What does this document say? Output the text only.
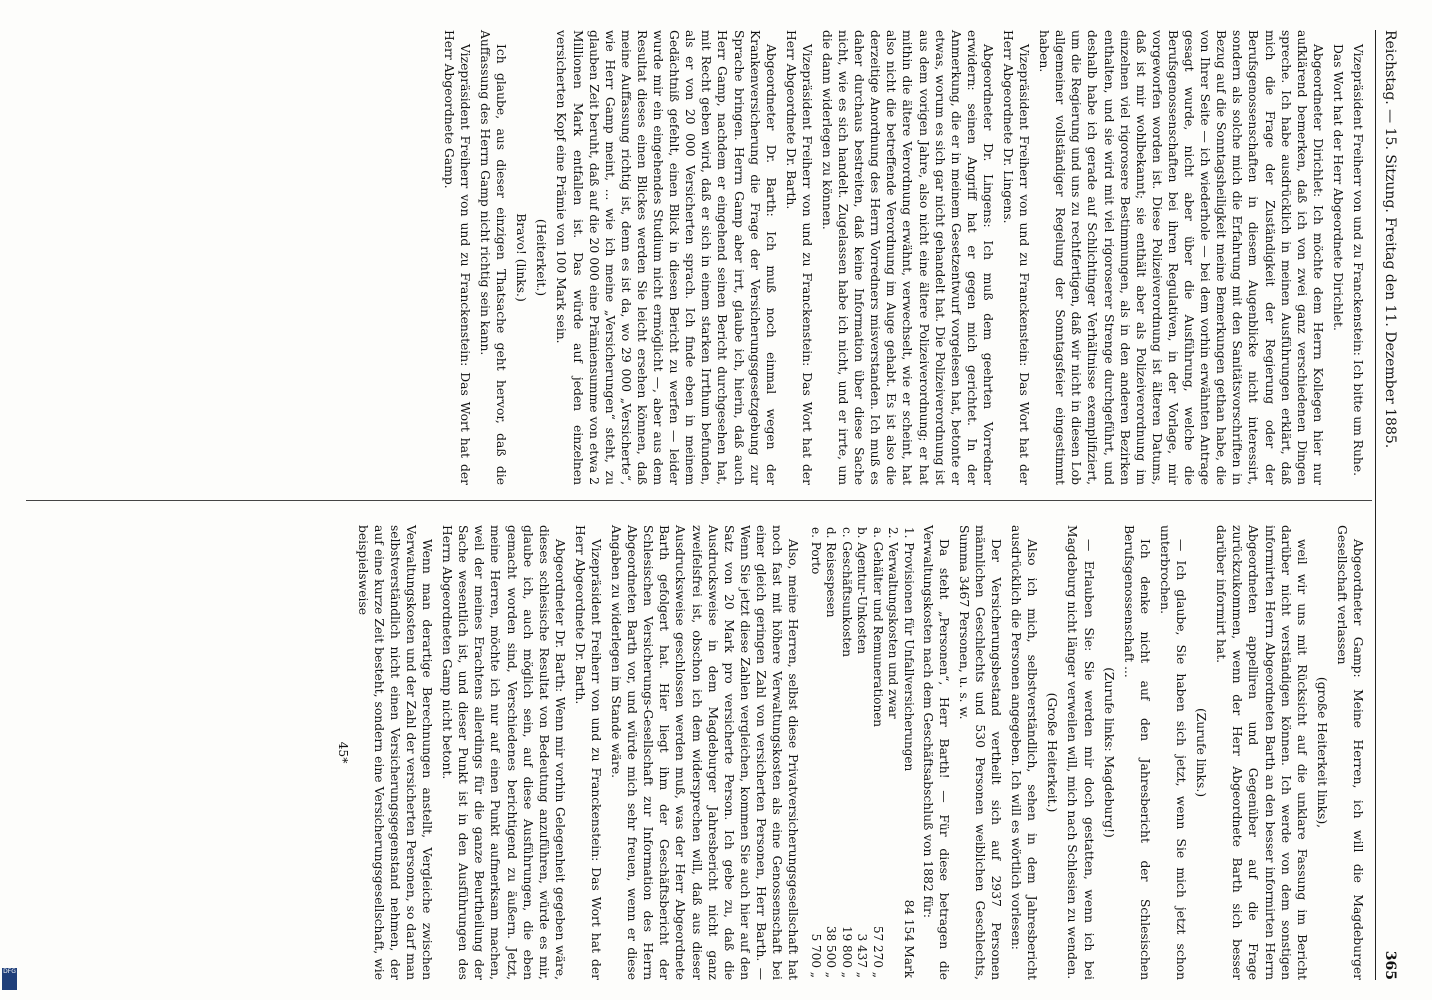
DFG
Reichstag. — 15. Sitzung. Freitag den 11. Dezember 1885.
365

Vizepräsident Freiherr von und zu Franckenstein: Ich bitte um Ruhe.

Das Wort hat der Herr Abgeordnete Dirichlet.

Abgeordneter Dirichlet: Ich möchte dem Herrn Kollegen hier nur aufklärend bemerken, daß ich von zwei ganz verschiedenen Dingen spreche. Ich habe ausdrücklich in meinen Ausführungen erklärt, daß mich die Frage der Zuständigkeit der Regierung oder der Berufsgenossenschaften in diesem Augenblicke nicht interessirt, sondern als solche mich die Erfahrung mit den Sanitätsvorschriften in Bezug auf die Sonntagsheiligkeit meine Bemerkungen gethan habe, die von Ihrer Seite — ich wiederhole — bei dem vorhin erwähnten Antrage gesagt wurde, nicht aber über die Ausführung, welche die Berufsgenossenschaften bei ihren Regulativen, in der Vorlage, mir vorgeworfen worden ist. Diese Polizeiverordnung ist älteren Datums, daß ist mir wohlbekannt; sie enthält aber als Polizeiverordnung im einzelnen viel rigorosere Bestimmungen, als in den anderen Bezirken enthalten, und sie wird mit viel rigoroserer Strenge durchgeführt, und deshalb habe ich gerade auf Schlichtinger Verhältnisse exemplifiziert, um die Regierung und uns zu rechtfertigen, daß wir nicht in diesen Lob allgemeiner vollständiger Regelung der Sonntagsfeier eingestimmt haben.

Vizepräsident Freiherr von und zu Franckenstein: Das Wort hat der Herr Abgeordnete Dr. Lingens.

Abgeordneter Dr. Lingens: Ich muß dem geehrten Vorredner erwidern: seinen Angriff hat er gegen mich gerichtet. In der Anmerkung, die er in meinem Gesetzentwurf vorgelesen hat, betonte er etwas, worum es sich gar nicht gehandelt hat. Die Polizeiverordnung ist aus dem vorigen Jahre, also nicht eine ältere Polizeiverordnung; er hat mithin die ältere Verordnung erwähnt, verwechselt, wie er scheint, hat also nicht die betreffende Verordnung im Auge gehabt. Es ist also die derzeitige Anordnung des Herrn Vorredners misverstanden. Ich muß es daher durchaus bestreiten, daß keine Information über diese Sache nicht, wie es sich handelt. Zugelassen habe ich nicht, und er irrte, um die dann widerlegen zu können.

Vizepräsident Freiherr von und zu Franckenstein: Das Wort hat der Herr Abgeordnete Dr. Barth.

Abgeordneter Dr. Barth: Ich muß noch einmal wegen der Krankenversicherung die Frage der Versicherungsgesetzgebung zur Sprache bringen. Herrn Gamp aber irrt, glaube ich, hierin, daß auch Herr Gamp, nachdem er eingehend seinen Bericht durchgesehen hat, mit Recht geben wird, daß er sich in einem starken Irrthum befunden, als er von 20 000 Versicherten sprach. Ich finde eben in meinem Gedächtniß gefehlt, einen Blick in diesen Bericht zu werfen — leider wurde mir ein eingehendes Studium nicht ermöglicht —, aber aus dem Resultat dieses einen Blickes werden Sie leicht ersehen können, daß meine Auffassung richtig ist, denn es ist da, wo 29 000 „Versicherte“, wie Herr Gamp meint, ... wie ich meine „Versicherungen“ steht, zu glauben Zeit beruht, daß auf die 20 000 eine Prämiensumme von etwa 2 Millionen Mark entfallen ist. Das würde auf jeden einzelnen versicherten Kopf eine Prämie von 100 Mark sein.

(Heiterkeit.)

Bravo! (links.)

Ich glaube, aus dieser einzigen Thatsache geht hervor, daß die Auffassung des Herrn Gamp nicht richtig sein kann.

Vizepräsident Freiherr von und zu Franckenstein: Das Wort hat der Herr Abgeordnete Gamp.

Abgeordneter Gamp: Meine Herren, ich will die Magdeburger Gesellschaft verlassen

(große Heiterkeit links),

weil wir uns mit Rücksicht auf die unklare Fassung im Bericht darüber nicht verständigen können. Ich werde von dem sonstigen informirten Herrn Abgeordneten Barth an den besser informirten Herrn Abgeordneten appelliren und Gegenüber auf die Frage zurückzukommen, wenn der Herr Abgeordnete Barth sich besser darüber informirt hat.

(Zurufe links.)

— Ich glaube, Sie haben sich jetzt, wenn Sie mich jetzt schon unterbrochen.

Ich denke nicht auf den Jahresbericht der Schlesischen Berufsgenossenschaft ...

(Zurufe links: Magdeburg!)

— Erlauben Sie: Sie werden mir doch gestatten, wenn ich bei Magdeburg nicht länger verweilen will, mich nach Schlesien zu wenden.

(Große Heiterkeit.)

Also ich mich, selbstverständlich, sehen in dem Jahresbericht ausdrücklich die Personen angegeben. Ich will es wörtlich vorlesen:

Der Versicherungsbestand vertheilt sich auf 2937 Personen männlichen Geschlechts und 530 Personen weiblichen Geschlechts, Summa 3467 Personen, u. s. w.

Da steht „Personen“, Herr Barth! — Für diese betragen die Verwaltungskosten nach dem Geschäftsabschluß von 1882 für:

1. Provisionen für Unfallversicherungen	84 154 Mark
2. Verwaltungskosten und zwar	
a. Gehälter und Remunerationen	57 270 „
b. Agentur-Unkosten	3 437 „
c. Geschäftsunkosten	19 800 „
d. Reisespesen	38 500 „
e. Porto	5 700 „

Also, meine Herren, selbst diese Privatversicherungsgesellschaft hat noch fast mit höhere Verwaltungskosten als eine Genossenschaft bei einer gleich geringen Zahl von versicherten Personen, Herr Barth. — Wenn Sie jetzt diese Zahlen vergleichen, kommen Sie auch hier auf den Satz von 20 Mark pro versicherte Person. Ich gebe zu, daß die Ausdrucksweise in dem Magdeburger Jahresbericht nicht ganz zweifelsfrei ist, obschon ich dem widersprechen will, daß aus dieser Ausdrucksweise geschlossen werden muß, was der Herr Abgeordnete Barth gefolgert hat. Hier liegt ihm der Geschäftsbericht der Schlesischen Versicherungs-Gesellschaft zur Information des Herrn Abgeordneten Barth vor, und würde mich sehr freuen, wenn er diese Angaben zu widerlegen im Stande wäre.

Vizepräsident Freiherr von und zu Franckenstein: Das Wort hat der Herr Abgeordnete Dr. Barth.

Abgeordneter Dr. Barth: Wenn mir vorhin Gelegenheit gegeben wäre, dieses schlesische Resultat von Bedeutung anzuführen, würde es mir, glaube ich, auch möglich sein, auf diese Ausführungen, die eben gemacht worden sind, Verschiedenes berichtigend zu äußern. Jetzt, meine Herren, möchte ich nur auf einen Punkt aufmerksam machen, weil der meines Erachtens allerdings für die ganze Beurtheilung der Sache wesentlich ist, und dieser Punkt ist in den Ausführungen des Herrn Abgeordneten Gamp nicht betont.

Wenn man derartige Berechnungen anstellt, Vergleiche zwischen Verwaltungskosten und der Zahl der versicherten Personen, so darf man selbstverständlich nicht einen Versicherungsgegenstand nehmen, der auf eine kurze Zeit besteht, sondern eine Versicherungsgesellschaft, wie beispielsweise

45*
